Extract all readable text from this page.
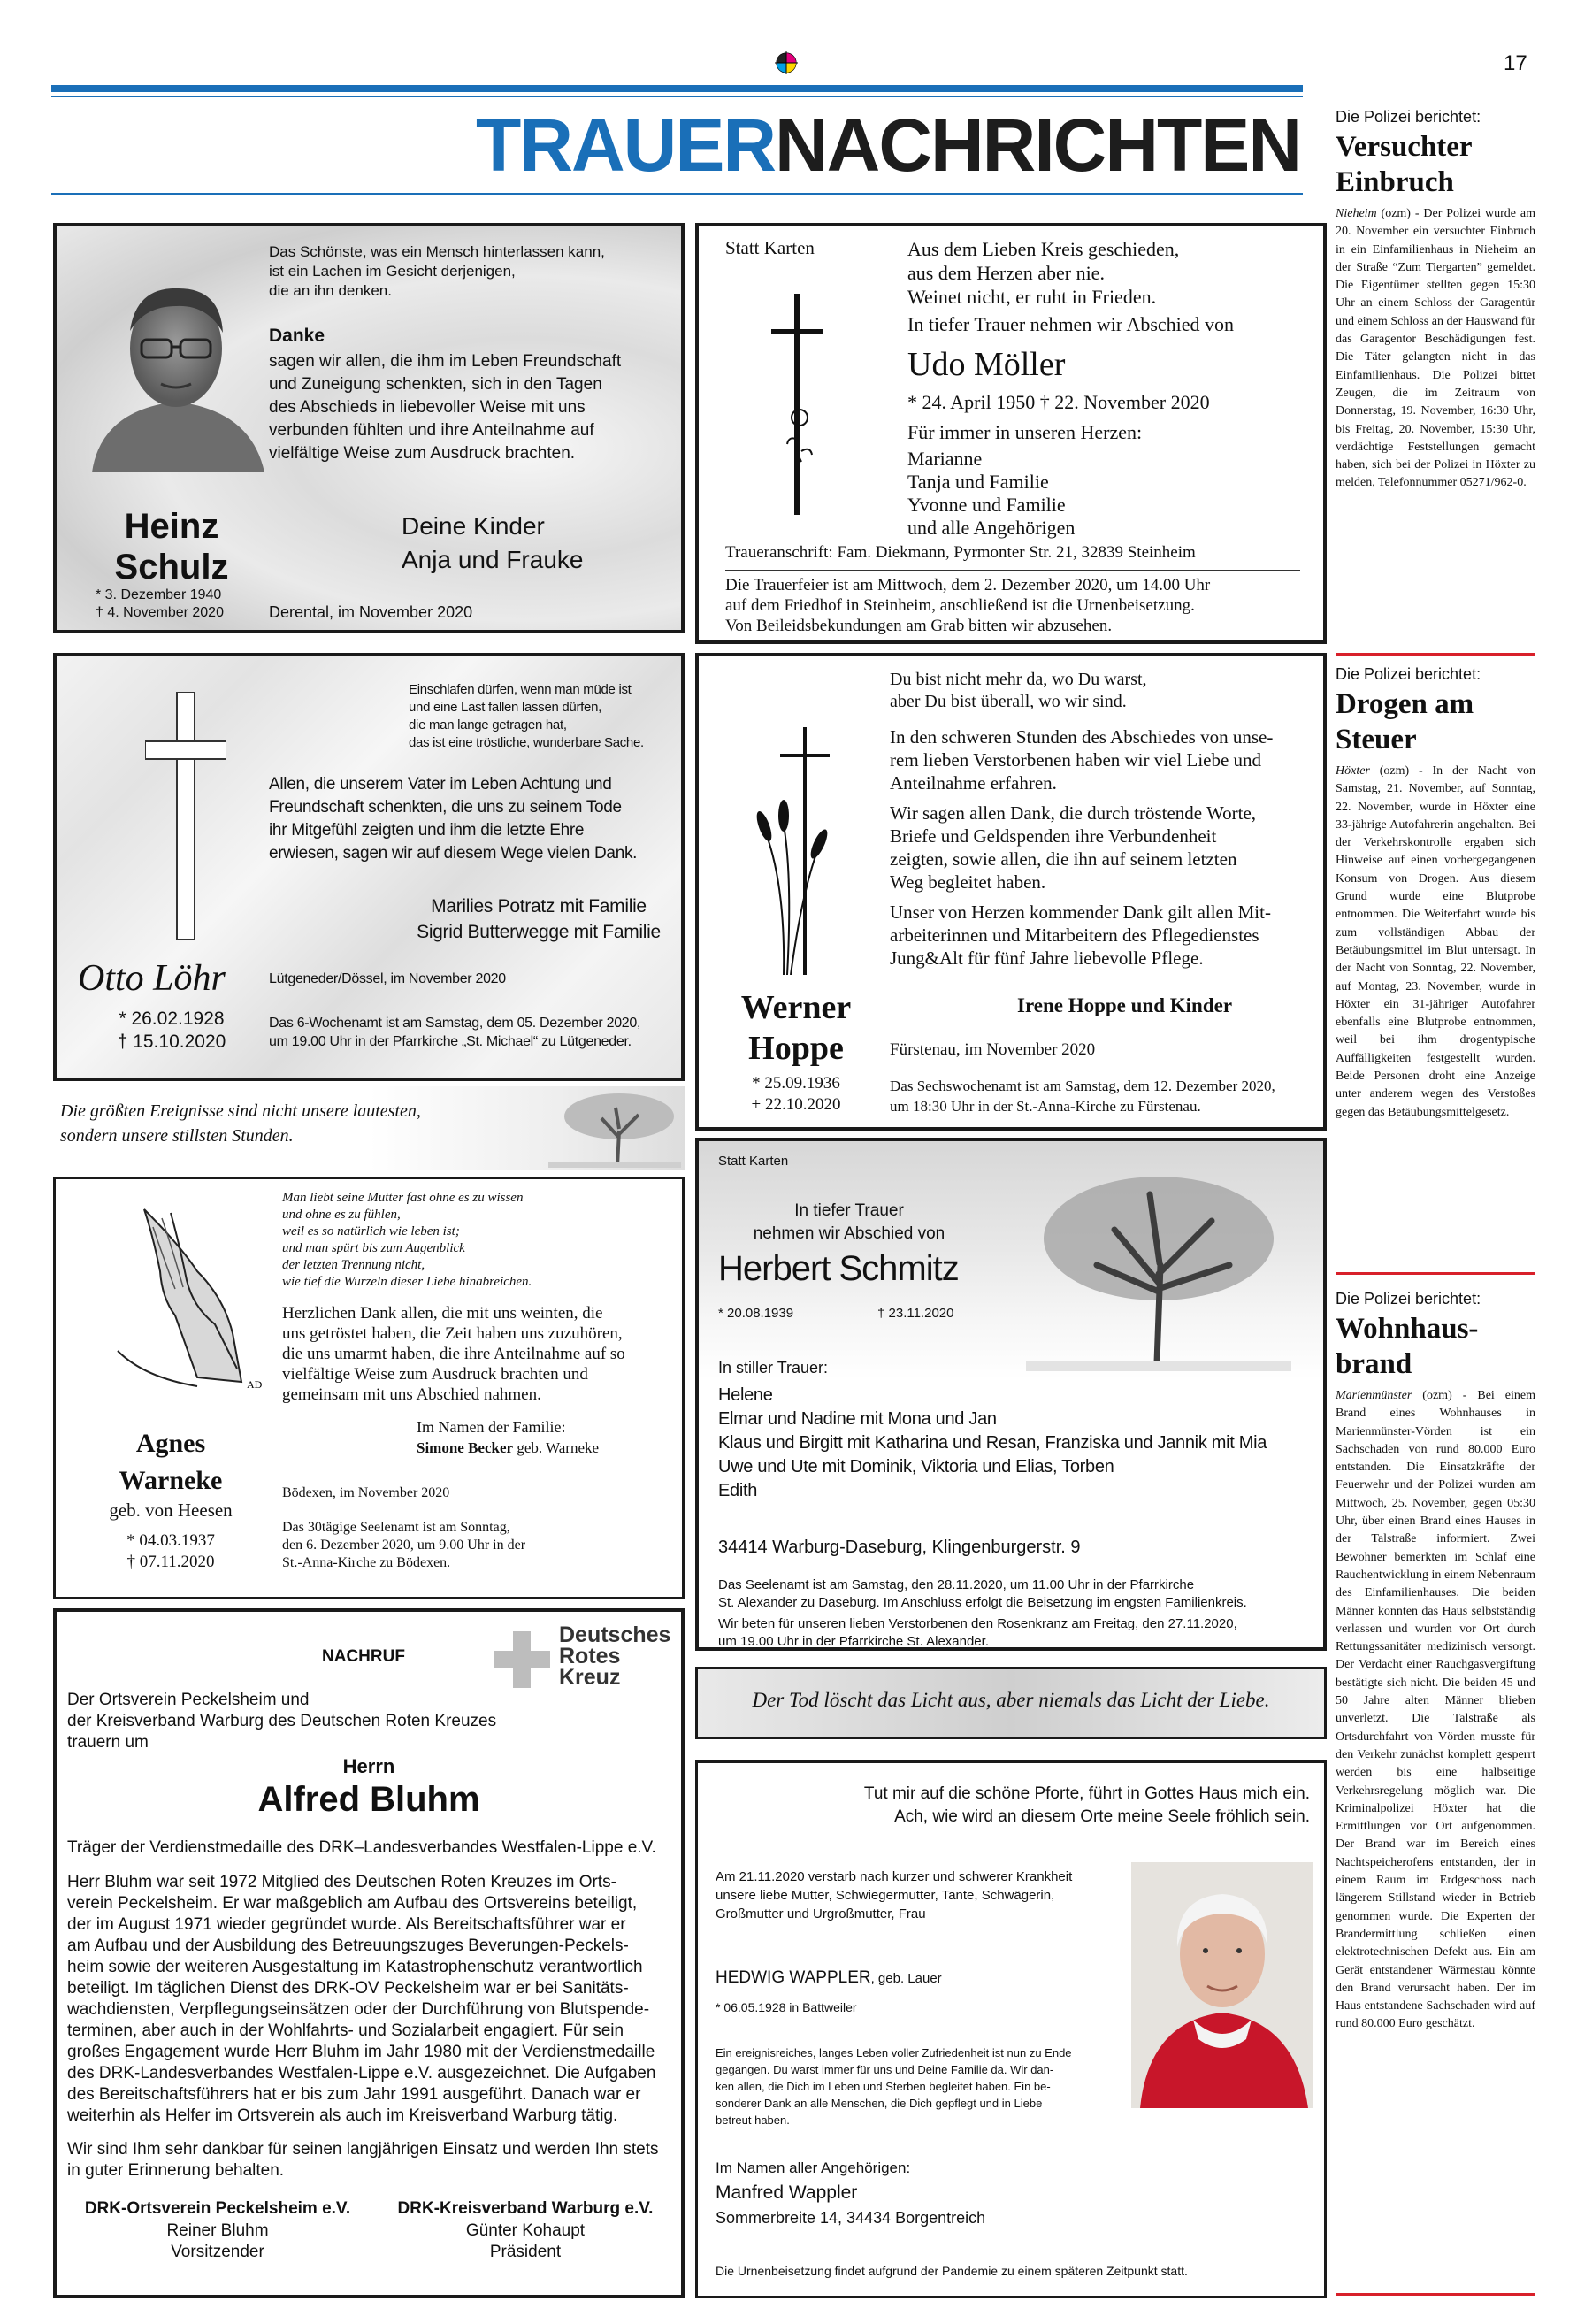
17
TRAUERNACHRICHTEN
Das Schönste, was ein Mensch hinterlassen kann,
ist ein Lachen im Gesicht derjenigen,
die an ihn denken.
Danke
sagen wir allen, die ihm im Leben Freundschaft
und Zuneigung schenkten, sich in den Tagen
des Abschieds in liebevoller Weise mit uns
verbunden fühlten und ihre Anteilnahme auf
vielfältige Weise zum Ausdruck brachten.
Heinz
Schulz
* 3. Dezember 1940
† 4. November 2020
Deine Kinder
Anja und Frauke
Derental, im November 2020
Statt Karten	Aus dem Lieben Kreis geschieden,
aus dem Herzen aber nie.
Weinet nicht, er ruht in Frieden.
In tiefer Trauer nehmen wir Abschied von
Udo Möller
* 24. April 1950 † 22. November 2020
Für immer in unseren Herzen:
Marianne
Tanja und Familie
Yvonne und Familie
und alle Angehörigen
Traueranschrift: Fam. Diekmann, Pyrmonter Str. 21, 32839 Steinheim
Die Trauerfeier ist am Mittwoch, dem 2. Dezember 2020, um 14.00 Uhr
auf dem Friedhof in Steinheim, anschließend ist die Urnenbeisetzung.
Von Beileidsbekundungen am Grab bitten wir abzusehen.
Einschlafen dürfen, wenn man müde ist
und eine Last fallen lassen dürfen,
die man lange getragen hat,
das ist eine tröstliche, wunderbare Sache.
Allen, die unserem Vater im Leben Achtung und
Freundschaft schenkten, die uns zu seinem Tode
ihr Mitgefühl zeigten und ihm die letzte Ehre
erwiesen, sagen wir auf diesem Wege vielen Dank.
Marilies Potratz mit Familie
Sigrid Butterwegge mit Familie
Otto Löhr
* 26.02.1928
† 15.10.2020
Lütgeneder/Dössel, im November 2020
Das 6-Wochenamt ist am Samstag, dem 05. Dezember 2020,
um 19.00 Uhr in der Pfarrkirche „St. Michael“ zu Lütgeneder.
Die größten Ereignisse sind nicht unsere lautesten,
sondern unsere stillsten Stunden.
Du bist nicht mehr da, wo Du warst,
aber Du bist überall, wo wir sind.
In den schweren Stunden des Abschiedes von unse-
rem lieben Verstorbenen haben wir viel Liebe und
Anteilnahme erfahren.
Wir sagen allen Dank, die durch tröstende Worte,
Briefe und Geldspenden ihre Verbundenheit
zeigten, sowie allen, die ihn auf seinem letzten
Weg begleitet haben.
Unser von Herzen kommender Dank gilt allen Mit-
arbeiterinnen und Mitarbeitern des Pflegedienstes
Jung&Alt für fünf Jahre liebevolle Pflege.
Irene Hoppe und Kinder
Werner
Hoppe
* 25.09.1936
+ 22.10.2020
Fürstenau, im November 2020
Das Sechswochenamt ist am Samstag, dem 12. Dezember 2020,
um 18:30 Uhr in der St.-Anna-Kirche zu Fürstenau.
AD
Man liebt seine Mutter fast ohne es zu wissen
und ohne es zu fühlen,
weil es so natürlich wie leben ist;
und man spürt bis zum Augenblick
der letzten Trennung nicht,
wie tief die Wurzeln dieser Liebe hinabreichen.
Herzlichen Dank allen, die mit uns weinten, die
uns getröstet haben, die Zeit haben uns zuzuhören,
die uns umarmt haben, die ihre Anteilnahme auf so
vielfältige Weise zum Ausdruck brachten und
gemeinsam mit uns Abschied nahmen.
Im Namen der Familie:
Simone Becker geb. Warneke
Agnes
Warneke
geb. von Heesen
* 04.03.1937
† 07.11.2020
Bödexen, im November 2020
Das 30tägige Seelenamt ist am Sonntag,
den 6. Dezember 2020, um 9.00 Uhr in der
St.-Anna-Kirche zu Bödexen.
Statt Karten
In tiefer Trauer
nehmen wir Abschied von
Herbert Schmitz
* 20.08.1939	† 23.11.2020
In stiller Trauer:
Helene
Elmar und Nadine mit Mona und Jan
Klaus und Birgitt mit Katharina und Resan, Franziska und Jannik mit Mia
Uwe und Ute mit Dominik, Viktoria und Elias, Torben
Edith
34414 Warburg-Daseburg, Klingenburgerstr. 9
Das Seelenamt ist am Samstag, den 28.11.2020, um 11.00 Uhr in der Pfarrkirche
St. Alexander zu Daseburg. Im Anschluss erfolgt die Beisetzung im engsten Familienkreis.
Wir beten für unseren lieben Verstorbenen den Rosenkranz am Freitag, den 27.11.2020,
um 19.00 Uhr in der Pfarrkirche St. Alexander.
NACHRUF
Deutsches
Rotes
Kreuz
Der Ortsverein Peckelsheim und
der Kreisverband Warburg des Deutschen Roten Kreuzes
trauern um
Herrn
Alfred Bluhm
Träger der Verdienstmedaille des DRK–Landesverbandes Westfalen-Lippe e.V.
Herr Bluhm war seit 1972 Mitglied des Deutschen Roten Kreuzes im Orts-
verein Peckelsheim. Er war maßgeblich am Aufbau des Ortsvereins beteiligt,
der im August 1971 wieder gegründet wurde. Als Bereitschaftsführer war er
am Aufbau und der Ausbildung des Betreuungszuges Beverungen-Peckels-
heim sowie der weiteren Ausgestaltung im Katastrophenschutz verantwortlich
beteiligt. Im täglichen Dienst des DRK-OV Peckelsheim war er bei Sanitäts-
wachdiensten, Verpflegungseinsätzen oder der Durchführung von Blutspende-
terminen, aber auch in der Wohlfahrts- und Sozialarbeit engagiert. Für sein
großes Engagement wurde Herr Bluhm im Jahr 1980 mit der Verdienstmedaille
des DRK-Landesverbandes Westfalen-Lippe e.V. ausgezeichnet. Die Aufgaben
des Bereitschaftsführers hat er bis zum Jahr 1991 ausgeführt. Danach war er
weiterhin als Helfer im Ortsverein als auch im Kreisverband Warburg tätig.
Wir sind Ihm sehr dankbar für seinen langjährigen Einsatz und werden Ihn stets
in guter Erinnerung behalten.
DRK-Ortsverein Peckelsheim e.V.
Reiner Bluhm
Vorsitzender
DRK-Kreisverband Warburg e.V.
Günter Kohaupt
Präsident
Der Tod löscht das Licht aus, aber niemals das Licht der Liebe.
Tut mir auf die schöne Pforte, führt in Gottes Haus mich ein.
Ach, wie wird an diesem Orte meine Seele fröhlich sein.
Am 21.11.2020 verstarb nach kurzer und schwerer Krankheit
unsere liebe Mutter, Schwiegermutter, Tante, Schwägerin,
Großmutter und Urgroßmutter, Frau
HEDWIG WAPPLER, geb. Lauer
* 06.05.1928 in Battweiler
Ein ereignisreiches, langes Leben voller Zufriedenheit ist nun zu Ende
gegangen. Du warst immer für uns und Deine Familie da. Wir dan-
ken allen, die Dich im Leben und Sterben begleitet haben. Ein be-
sonderer Dank an alle Menschen, die Dich gepflegt und in Liebe
betreut haben.
Im Namen aller Angehörigen:
Manfred Wappler
Sommerbreite 14, 34434 Borgentreich
Die Urnenbeisetzung findet aufgrund der Pandemie zu einem späteren Zeitpunkt statt.
Die Polizei berichtet:
Versuchter
Einbruch
Nieheim (ozm) - Der Polizei wurde am 20. November ein versuchter Einbruch in ein Einfamilienhaus in Nieheim an der Straße “Zum Tiergarten” gemeldet. Die Eigentümer stellten gegen 15:30 Uhr an einem Schloss der Garagentür und einem Schloss an der Hauswand für das Garagentor Beschädigungen fest. Die Täter gelangten nicht in das Einfamilienhaus. Die Polizei bittet Zeugen, die im Zeitraum von Donnerstag, 19. November, 16:30 Uhr, bis Freitag, 20. November, 15:30 Uhr, verdächtige Feststellungen gemacht haben, sich bei der Polizei in Höxter zu melden, Telefonnummer 05271/962-0.
Die Polizei berichtet:
Drogen am
Steuer
Höxter (ozm) - In der Nacht von Samstag, 21. November, auf Sonntag, 22. November, wurde in Höxter eine 33-jährige Autofahrerin angehalten. Bei der Verkehrskontrolle ergaben sich Hinweise auf einen vorhergegangenen Konsum von Drogen. Aus diesem Grund wurde eine Blutprobe entnommen. Die Weiterfahrt wurde bis zum vollständigen Abbau der Betäubungsmittel im Blut untersagt. In der Nacht von Sonntag, 22. November, auf Montag, 23. November, wurde in Höxter ein 31-jähriger Autofahrer ebenfalls eine Blutprobe entnommen, weil bei ihm drogentypische Auffälligkeiten festgestellt wurden. Beide Personen droht eine Anzeige unter anderem wegen des Verstoßes gegen das Betäubungsmittelgesetz.
Die Polizei berichtet:
Wohnhaus-
brand
Marienmünster (ozm) - Bei einem Brand eines Wohnhauses in Marienmünster-Vörden ist ein Sachschaden von rund 80.000 Euro entstanden. Die Einsatzkräfte der Feuerwehr und der Polizei wurden am Mittwoch, 25. November, gegen 05:30 Uhr, über einen Brand eines Hauses in der Talstraße informiert. Zwei Bewohner bemerkten im Schlaf eine Rauchentwicklung in einem Nebenraum des Einfamilienhauses. Die beiden Männer konnten das Haus selbstständig verlassen und wurden vor Ort durch Rettungssanitäter medizinisch versorgt. Der Verdacht einer Rauchgasvergiftung bestätigte sich nicht. Die beiden 45 und 50 Jahre alten Männer blieben unverletzt. Die Talstraße als Ortsdurchfahrt von Vörden musste für den Verkehr zunächst komplett gesperrt werden bis eine halbseitige Verkehrsregelung möglich war. Die Kriminalpolizei Höxter hat die Ermittlungen vor Ort aufgenommen. Der Brand war im Bereich eines Nachtspeicherofens entstanden, der in einem Raum im Erdgeschoss nach längerem Stillstand wieder in Betrieb genommen wurde. Die Experten der Brandermittlung schließen einen elektrotechnischen Defekt aus. Ein am Gerät entstandener Wärmestau könnte den Brand verursacht haben. Der im Haus entstandene Sachschaden wird auf rund 80.000 Euro geschätzt.
